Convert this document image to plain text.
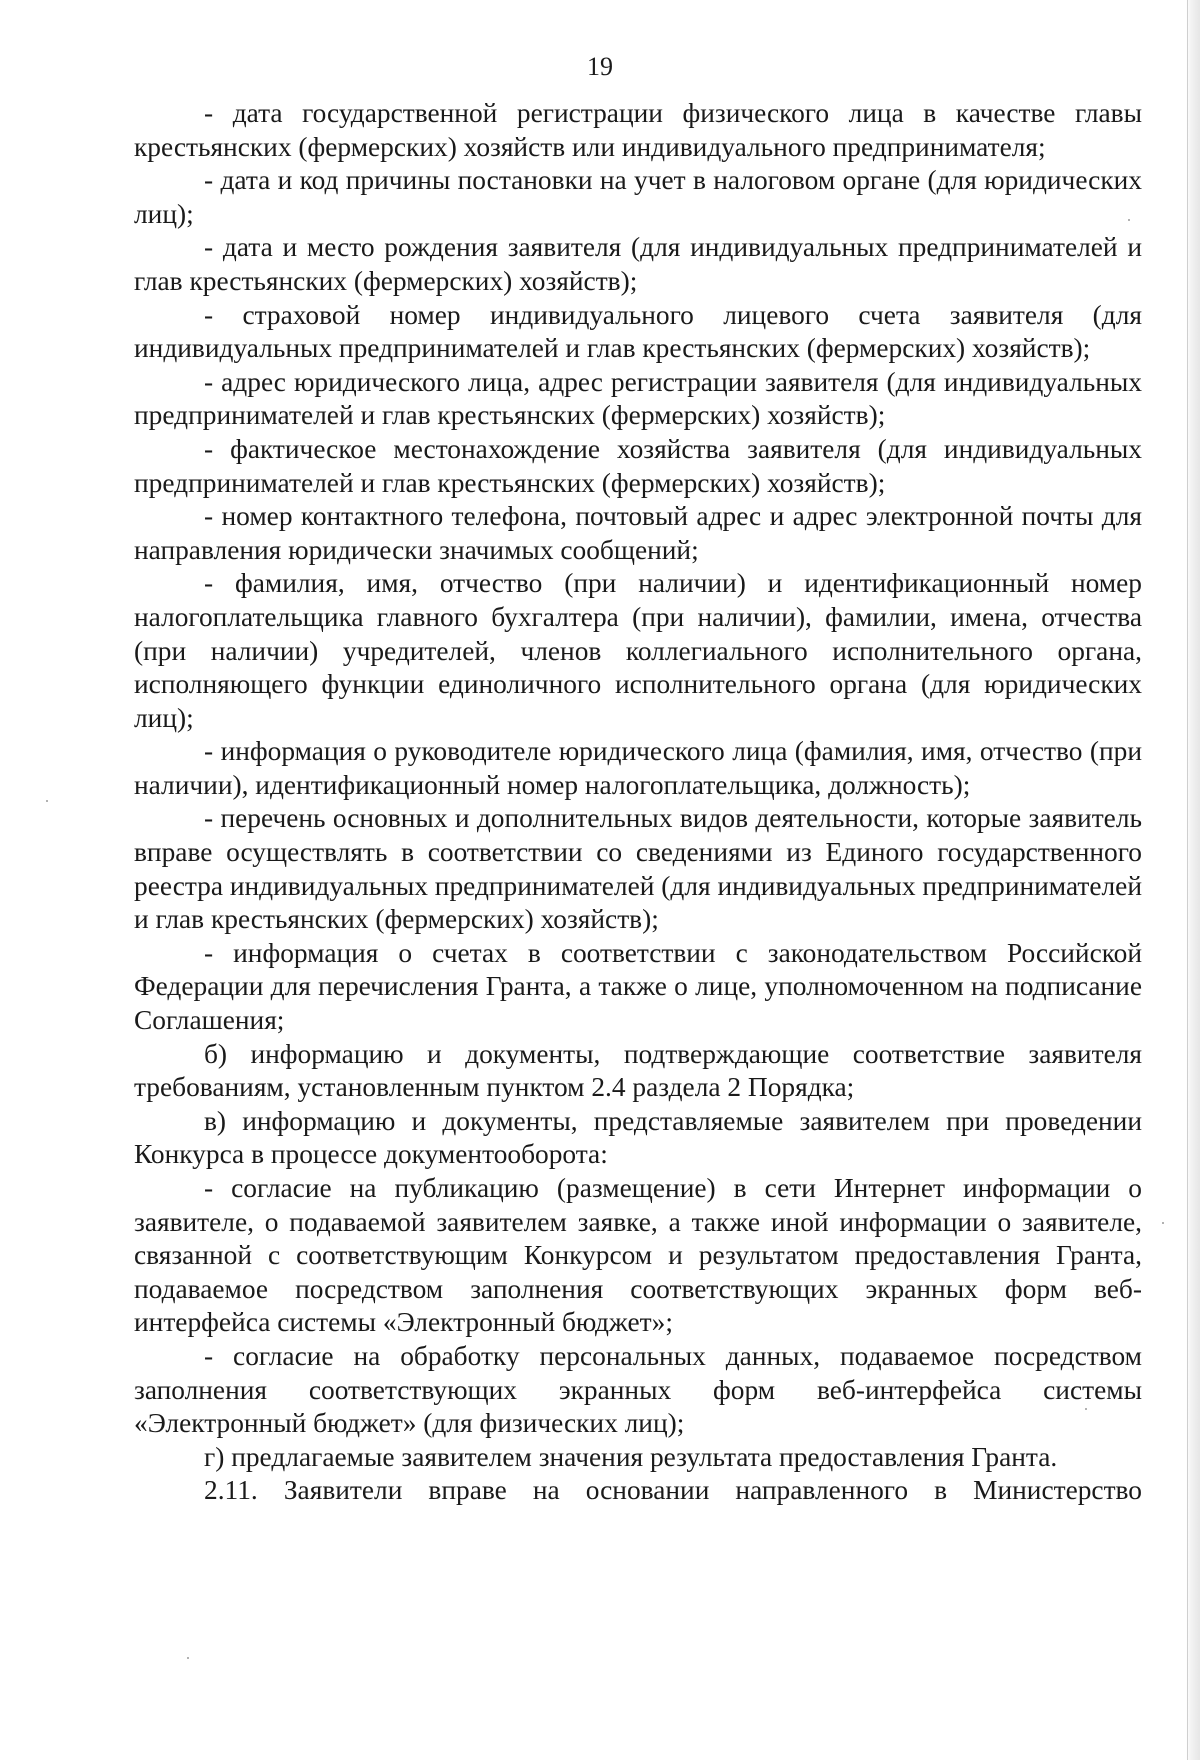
19

- дата государственной регистрации физического лица в качестве главы крестьянских (фермерских) хозяйств или индивидуального предпринимателя;

- дата и код причины постановки на учет в налоговом органе (для юридических лиц);

- дата и место рождения заявителя (для индивидуальных предпринимателей и глав крестьянских (фермерских) хозяйств);

- страховой номер индивидуального лицевого счета заявителя (для индивидуальных предпринимателей и глав крестьянских (фермерских) хозяйств);

- адрес юридического лица, адрес регистрации заявителя (для индивидуальных предпринимателей и глав крестьянских (фермерских) хозяйств);

- фактическое местонахождение хозяйства заявителя (для индивидуальных предпринимателей и глав крестьянских (фермерских) хозяйств);

- номер контактного телефона, почтовый адрес и адрес электронной почты для направления юридически значимых сообщений;

- фамилия, имя, отчество (при наличии) и идентификационный номер налогоплательщика главного бухгалтера (при наличии), фамилии, имена, отчества (при наличии) учредителей, членов коллегиального исполнительного органа, исполняющего функции единоличного исполнительного органа (для юридических лиц);

- информация о руководителе юридического лица (фамилия, имя, отчество (при наличии), идентификационный номер налогоплательщика, должность);

- перечень основных и дополнительных видов деятельности, которые заявитель вправе осуществлять в соответствии со сведениями из Единого государственного реестра индивидуальных предпринимателей (для индивидуальных предпринимателей и глав крестьянских (фермерских) хозяйств);

- информация о счетах в соответствии с законодательством Российской Федерации для перечисления Гранта, а также о лице, уполномоченном на подписание Соглашения;

б) информацию и документы, подтверждающие соответствие заявителя требованиям, установленным пунктом 2.4 раздела 2 Порядка;

в) информацию и документы, представляемые заявителем при проведении Конкурса в процессе документооборота:

- согласие на публикацию (размещение) в сети Интернет информации о заявителе, о подаваемой заявителем заявке, а также иной информации о заявителе, связанной с соответствующим Конкурсом и результатом предоставления Гранта, подаваемое посредством заполнения соответствующих экранных форм веб-интерфейса системы «Электронный бюджет»;

- согласие на обработку персональных данных, подаваемое посредством заполнения соответствующих экранных форм веб-интерфейса системы «Электронный бюджет» (для физических лиц);

г) предлагаемые заявителем значения результата предоставления Гранта.

2.11. Заявители вправе на основании направленного в Министерство
